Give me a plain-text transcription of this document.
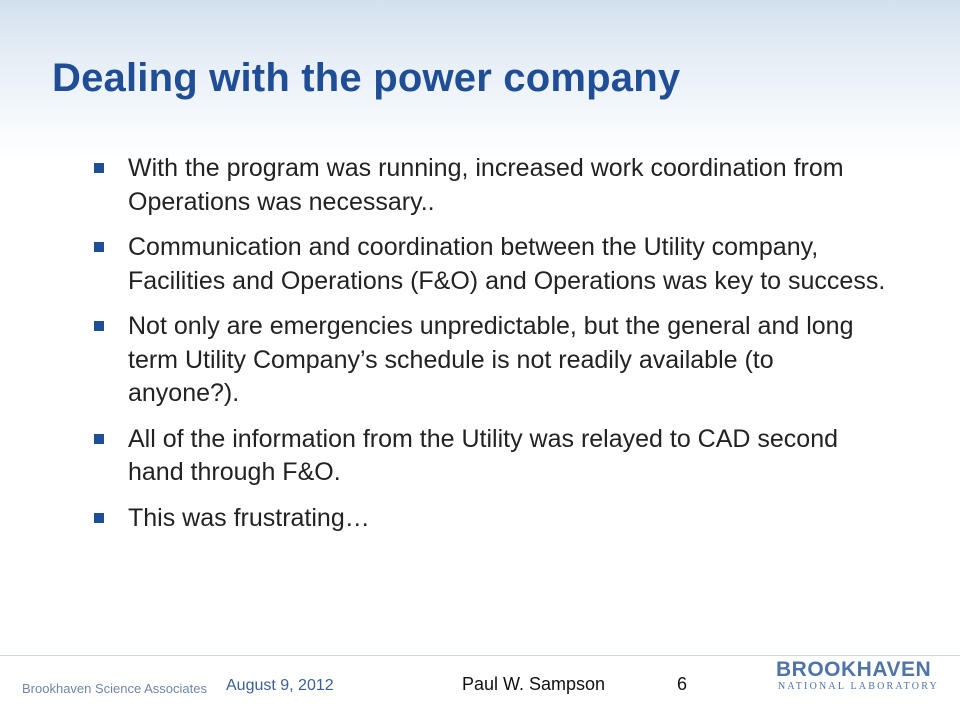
Dealing with the power company
With the program was running, increased work coordination from Operations was necessary..
Communication and coordination between the Utility company, Facilities and Operations (F&O) and Operations was key to success.
Not only are emergencies unpredictable, but the general and long term Utility Company’s schedule is not readily available (to anyone?).
All of the information from the Utility was relayed to CAD second hand through F&O.
This was frustrating…
Brookhaven Science Associates August 9, 2012	Paul W. Sampson	6
BROOKHAVEN
NATIONAL LABORATORY
